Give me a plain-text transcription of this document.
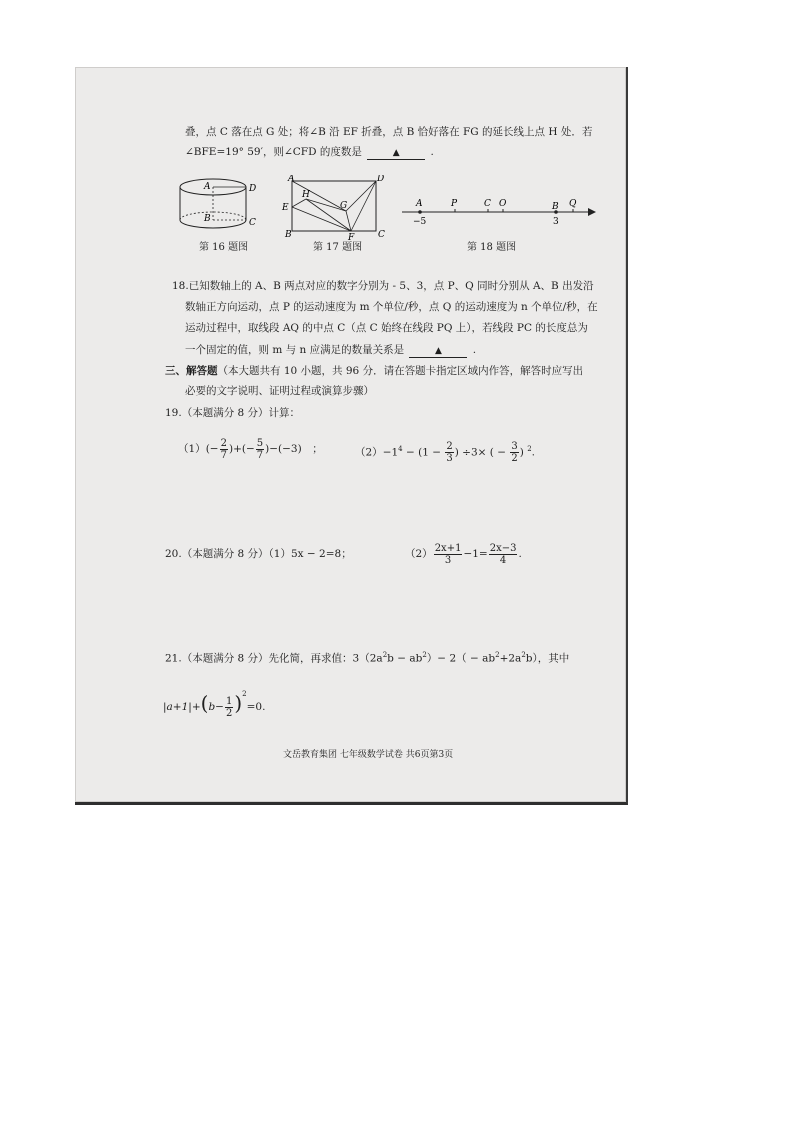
叠，点 C 落在点 G 处；将∠B 沿 EF 折叠，点 B 恰好落在 FG 的延长线上点 H 处．若
∠BFE=19° 59′，则∠CFD 的度数是	▲	.
A	D
B	C
第 16 题图
A	D
E
H
G
B	F	C
第 17 题图
A	P	C O	B Q
−5	3
第 18 题图
18.已知数轴上的 A、B 两点对应的数字分别为 - 5、3，点 P、Q 同时分别从 A、B 出发沿
数轴正方向运动，点 P 的运动速度为 m 个单位/秒，点 Q 的运动速度为 n 个单位/秒，在
运动过程中，取线段 AQ 的中点 C（点 C 始终在线段 PQ 上），若线段 PC 的长度总为
一个固定的值，则 m 与 n 应满足的数量关系是	▲	.
三、解答题（本大题共有 10 小题，共 96 分．请在答题卡指定区域内作答，解答时应写出
必要的文字说明、证明过程或演算步骤）
19.（本题满分 8 分）计算：
$(1)(- \frac{2}{7}$ )+(− $\frac{5}{7} )-(-3)$　；	$(2)-1^4 - (1 - \frac{2}{3}$ ) ÷3× ( − $\frac{3}{2}$ ) $^2$.
20.（本题满分 8 分）（1）5x − 2=8；	$(2) \frac{2x+1}{3} -1= \frac{2x-3}{4}$ .
21.（本题满分 8 分）先化简，再求值：$3(2a^2b - ab^2)- 2( - ab^2+2a^2b)$，其中
$|a+1|+(b- \frac{1}{2} )^2=0$.
文岳教育集团 七年级数学试卷 共6页第3页
